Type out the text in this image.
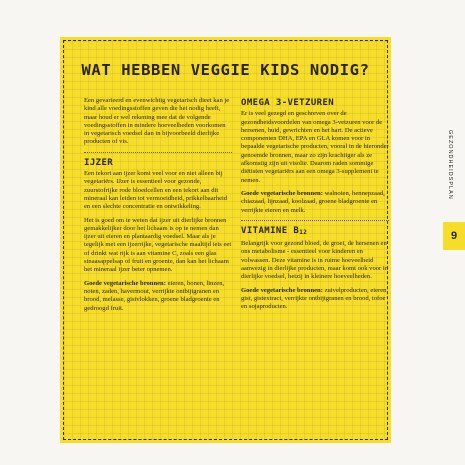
WAT HEBBEN VEGGIE KIDS NODIG?

Een gevarieerd en evenwichtig vegetarisch dieet kan je kind alle voedingsstoffen geven die het nodig heeft, maar houd er wel rekening mee dat de volgende voedingsstoffen in mindere hoeveelheden voorkomen in vegetarisch voedsel dan in bijvoorbeeld dierlijke producten of vis.

IJZER

Een tekort aan ijzer komt veel voor en niet alleen bij vegetariërs. IJzer is essentieel voor gezonde, zuurstofrijke rode bloedcellen en een tekort aan dit mineraal kan leiden tot vermoeidheid, prikkelbaarheid en een slechte concentratie en ontwikkeling.

Het is goed om te weten dat ijzer uit dierlijke bronnen gemakkelijker door het lichaam is op te nemen dan ijzer uit eieren en plantaardig voedsel. Maar als je tegelijk met een ijzerrijke, vegetarische maaltijd iets eet of drinkt wat rijk is aan vitamine C, zoals een glas sinaasappelsap of fruit en groente, dan kan het lichaam het mineraal ijzer beter opnemen.

Goede vegetarische bronnen: eieren, bonen, linzen, noten, zaden, havermout, verrijkte ontbijtgranen en brood, melasse, gistvlokken, groene bladgroente en gedroogd fruit.

OMEGA 3-VETZUREN

Er is veel gezegd en geschreven over de gezondheidsvoordelen van omega 3-vetzuren voor de hersenen, huid, gewrichten en het hart. De actieve componenten DHA, EPA en GLA komen voor in bepaalde vegetarische producten, vooral in de hieronder genoemde bronnen, maar zo zijn krachtiger als ze afkomstig zijn uit visolie. Daarom raden sommige diëtisten vegetariërs aan een omega 3-supplement te nemen.

Goede vegetarische bronnen: walnoten, hennepzaad, chiazaad, lijnzaad, koolzaad, groene bladgroente en verrijkte eieren en melk.

VITAMINE B12

Belangrijk voor gezond bloed, de groei, de hersenen en ons metabolisme - essentieel voor kinderen en volwassen. Deze vitamine is in ruime hoeveelheid aanwezig in dierlijke producten, maar komt ook voor in dierlijke voedsel, hetzij in kleinere hoeveelheden.

Goede vegetarische bronnen: zuivelproducten, eieren, gist, gistextract, verrijkte ontbijtgranen en brood, tofoe en sojaproducten.

GEZONDHEIDSPLAN
9
